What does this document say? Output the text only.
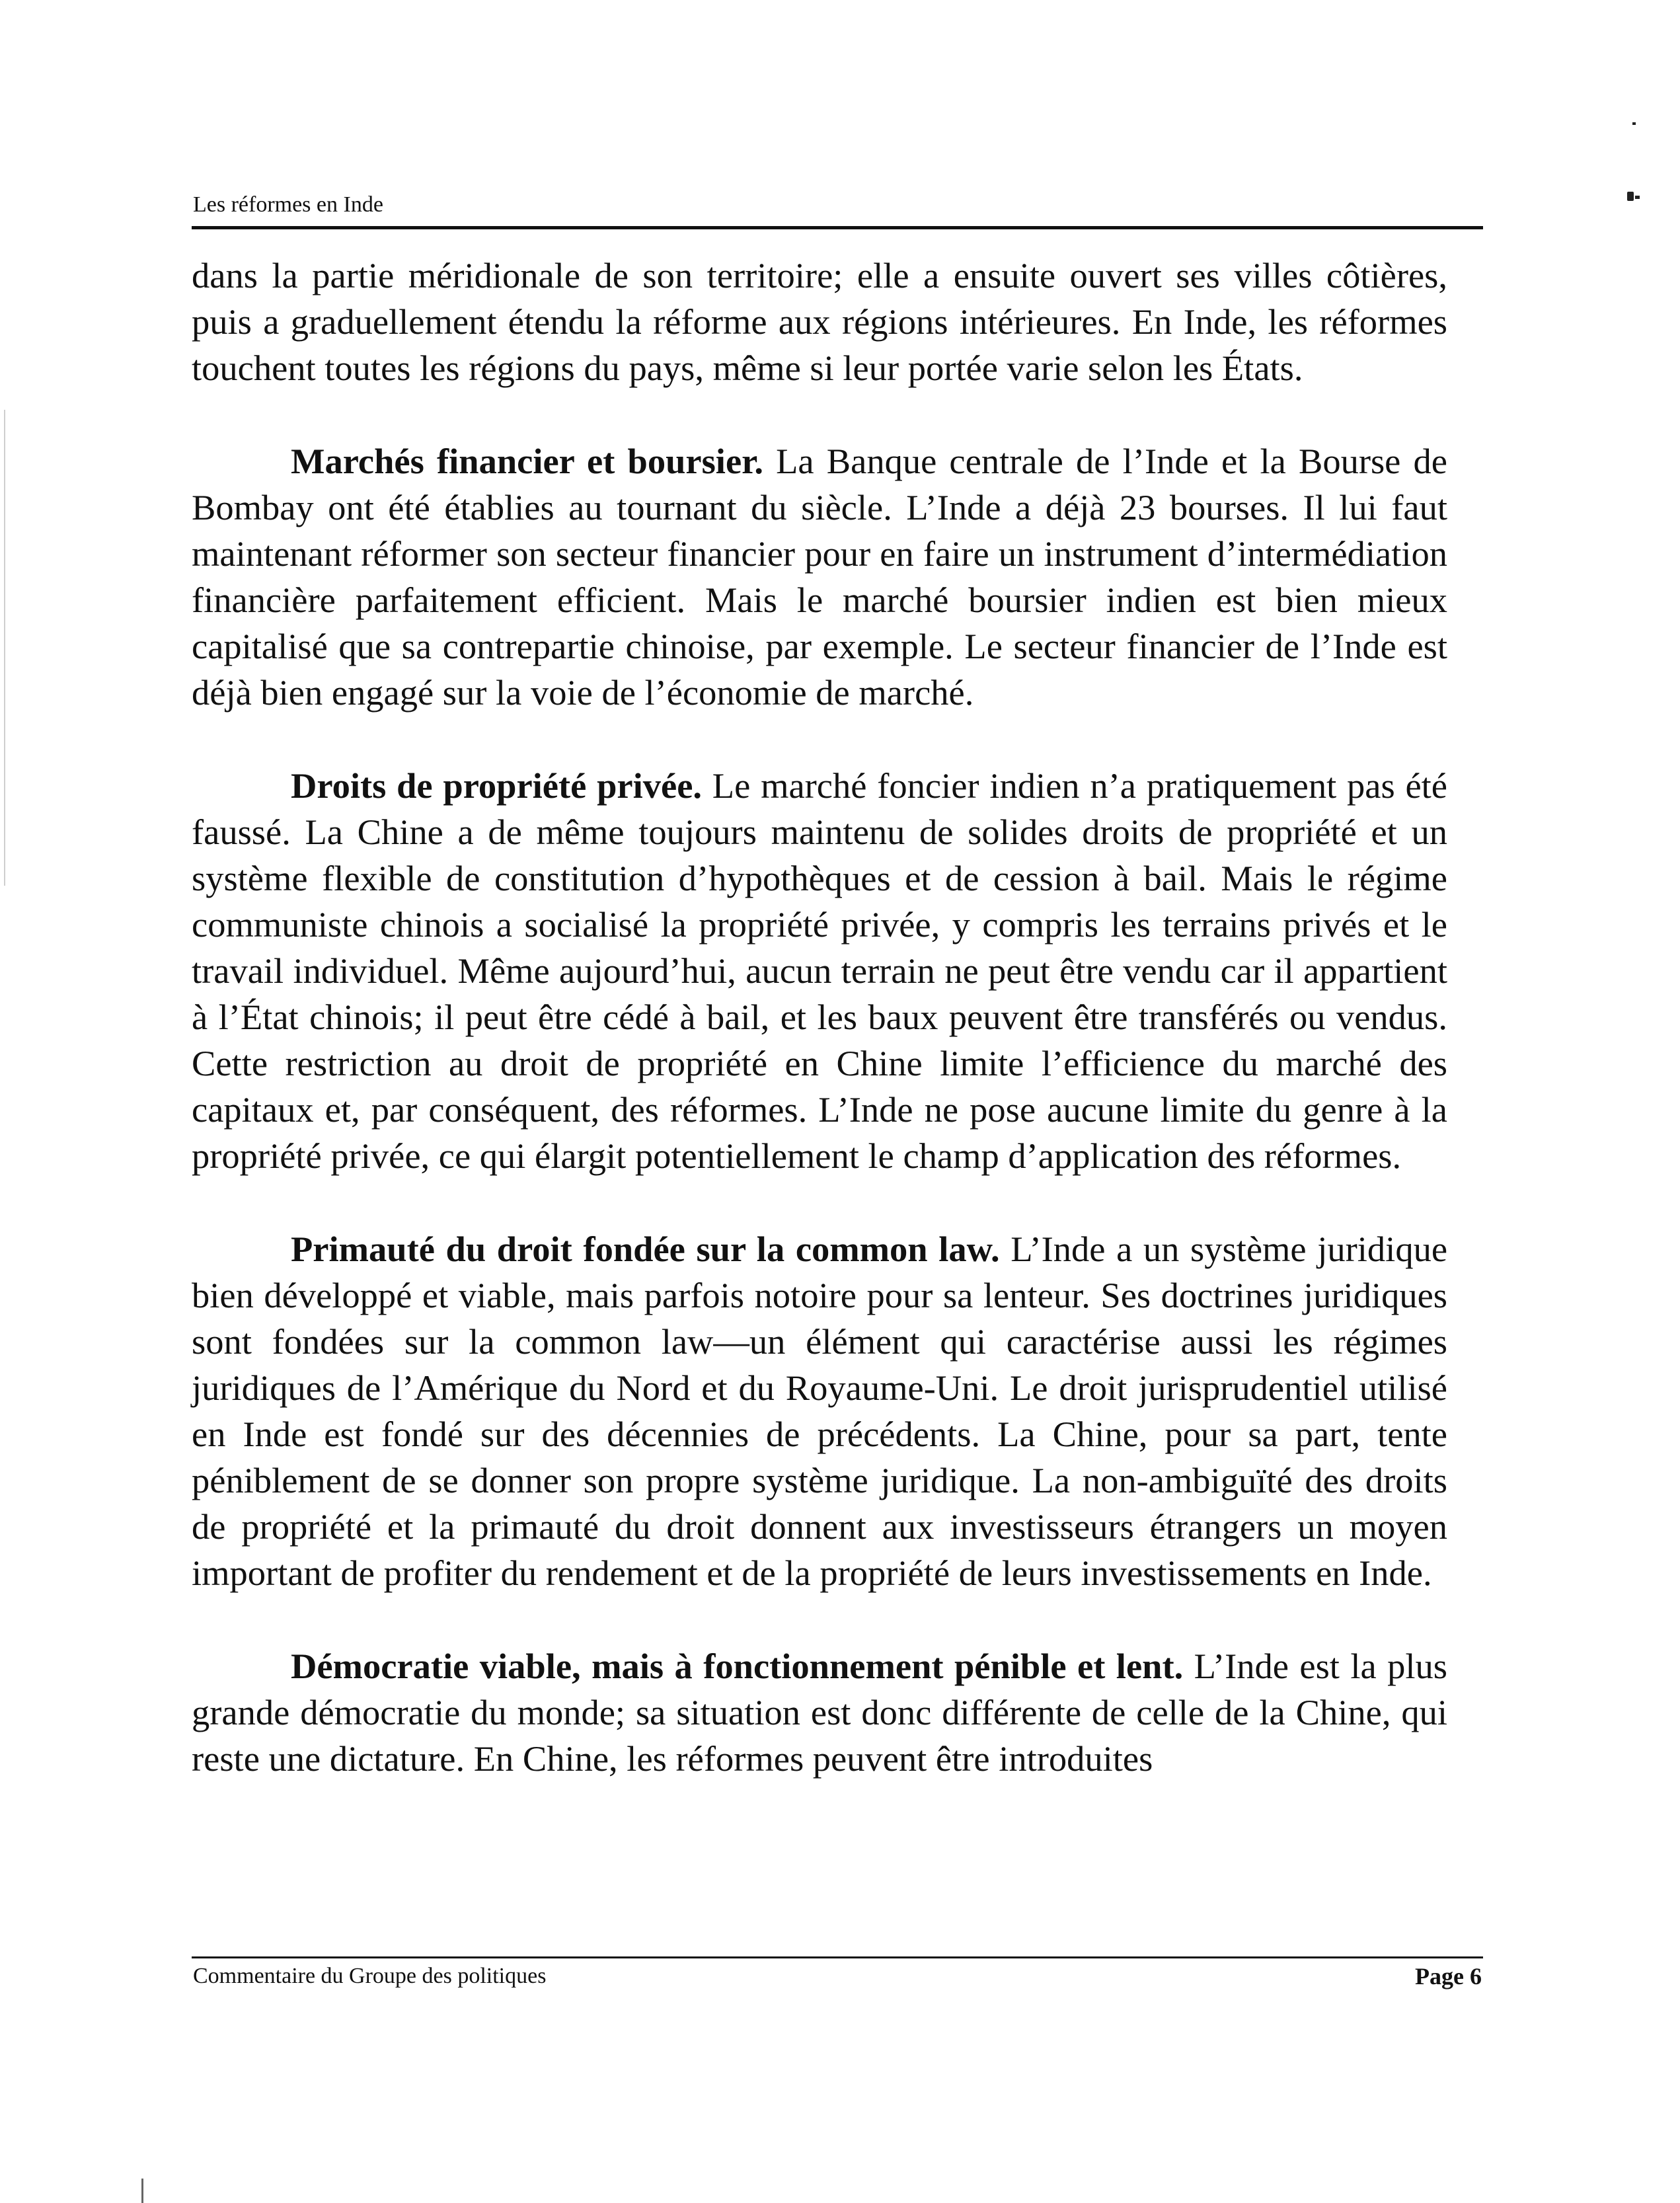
Les réformes en Inde

dans la partie méridionale de son territoire; elle a ensuite ouvert ses villes côtières, puis a graduellement étendu la réforme aux régions intérieures. En Inde, les réformes touchent toutes les régions du pays, même si leur portée varie selon les États.

Marchés financier et boursier. La Banque centrale de l’Inde et la Bourse de Bombay ont été établies au tournant du siècle. L’Inde a déjà 23 bourses. Il lui faut maintenant réformer son secteur financier pour en faire un instrument d’intermédiation financière parfaitement efficient. Mais le marché boursier indien est bien mieux capitalisé que sa contrepartie chinoise, par exemple. Le secteur financier de l’Inde est déjà bien engagé sur la voie de l’économie de marché.

Droits de propriété privée. Le marché foncier indien n’a pratiquement pas été faussé. La Chine a de même toujours maintenu de solides droits de propriété et un système flexible de constitution d’hypothèques et de cession à bail. Mais le régime communiste chinois a socialisé la propriété privée, y compris les terrains privés et le travail individuel. Même aujourd’hui, aucun terrain ne peut être vendu car il appartient à l’État chinois; il peut être cédé à bail, et les baux peuvent être transférés ou vendus. Cette restriction au droit de propriété en Chine limite l’efficience du marché des capitaux et, par conséquent, des réformes. L’Inde ne pose aucune limite du genre à la propriété privée, ce qui élargit potentiellement le champ d’application des réformes.

Primauté du droit fondée sur la common law. L’Inde a un système juridique bien développé et viable, mais parfois notoire pour sa lenteur. Ses doctrines juridiques sont fondées sur la common law—un élément qui caractérise aussi les régimes juridiques de l’Amérique du Nord et du Royaume-Uni. Le droit jurisprudentiel utilisé en Inde est fondé sur des décennies de précédents. La Chine, pour sa part, tente péniblement de se donner son propre système juridique. La non-ambiguïté des droits de propriété et la primauté du droit donnent aux investisseurs étrangers un moyen important de profiter du rendement et de la propriété de leurs investissements en Inde.

Démocratie viable, mais à fonctionnement pénible et lent. L’Inde est la plus grande démocratie du monde; sa situation est donc différente de celle de la Chine, qui reste une dictature. En Chine, les réformes peuvent être introduites

Commentaire du Groupe des politiques	Page 6
